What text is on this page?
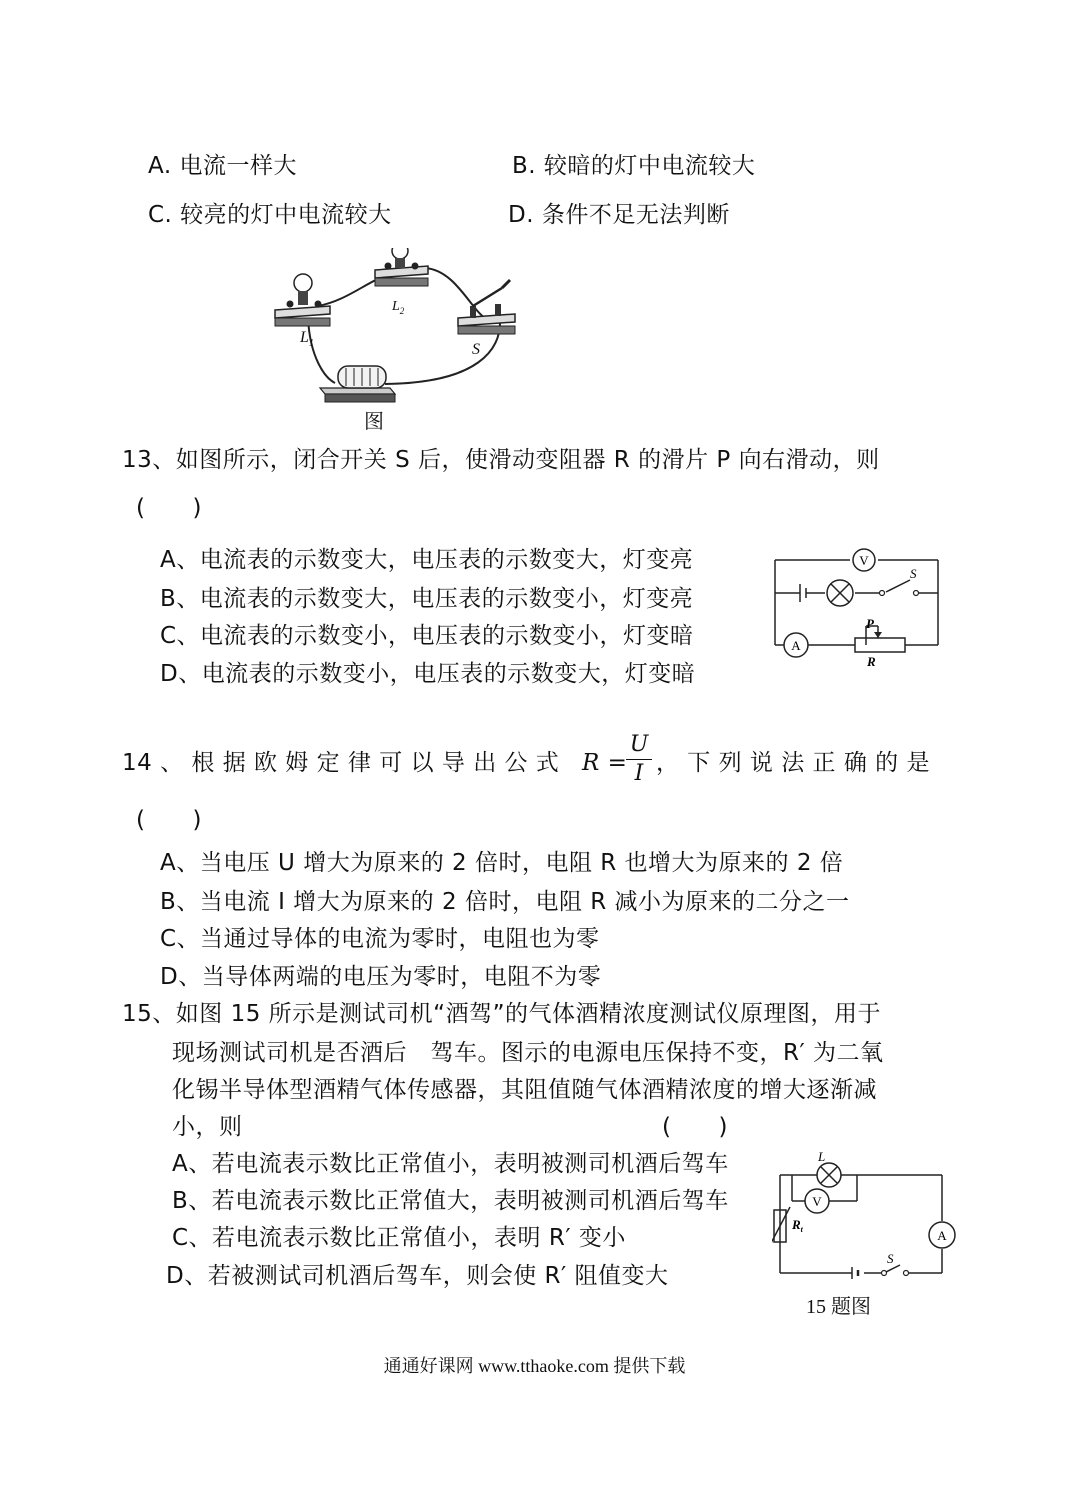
A. 电流一样大	B. 较暗的灯中电流较大
C. 较亮的灯中电流较大	D. 条件不足无法判断
$L_1$
$L_2$
S
图
13、如图所示，闭合开关 S 后，使滑动变阻器 R 的滑片 P 向右滑动，则
(　　)
A、电流表的示数变大，电压表的示数变大，灯变亮
B、电流表的示数变大，电压表的示数变小，灯变亮
C、电流表的示数变小，电压表的示数变小，灯变暗
D、电流表的示数变小，电压表的示数变大，灯变暗
V
A
S
P
R
14 、 根 据 欧 姆 定 律 可 以 导 出 公 式 R =
U
I ， 下 列 说 法 正 确 的 是
(　　)
A、当电压 U 增大为原来的 2 倍时，电阻 R 也增大为原来的 2 倍
B、当电流 I 增大为原来的 2 倍时，电阻 R 减小为原来的二分之一
C、当通过导体的电流为零时，电阻也为零
D、当导体两端的电压为零时，电阻不为零
15、如图 15 所示是测试司机“酒驾”的气体酒精浓度测试仪原理图，用于
现场测试司机是否酒后　驾车。图示的电源电压保持不变，R′ 为二氧
化锡半导体型酒精气体传感器，其阻值随气体酒精浓度的增大逐渐减
小，则	(　　)
A、若电流表示数比正常值小，表明被测司机酒后驾车
B、若电流表示数比正常值大，表明被测司机酒后驾车
C、若电流表示数比正常值小，表明 R′ 变小
D、若被测试司机酒后驾车，则会使 R′ 阻值变大
L
V
A
$R_t$
S
15 题图
通通好课网 www.tthaoke.com 提供下载
